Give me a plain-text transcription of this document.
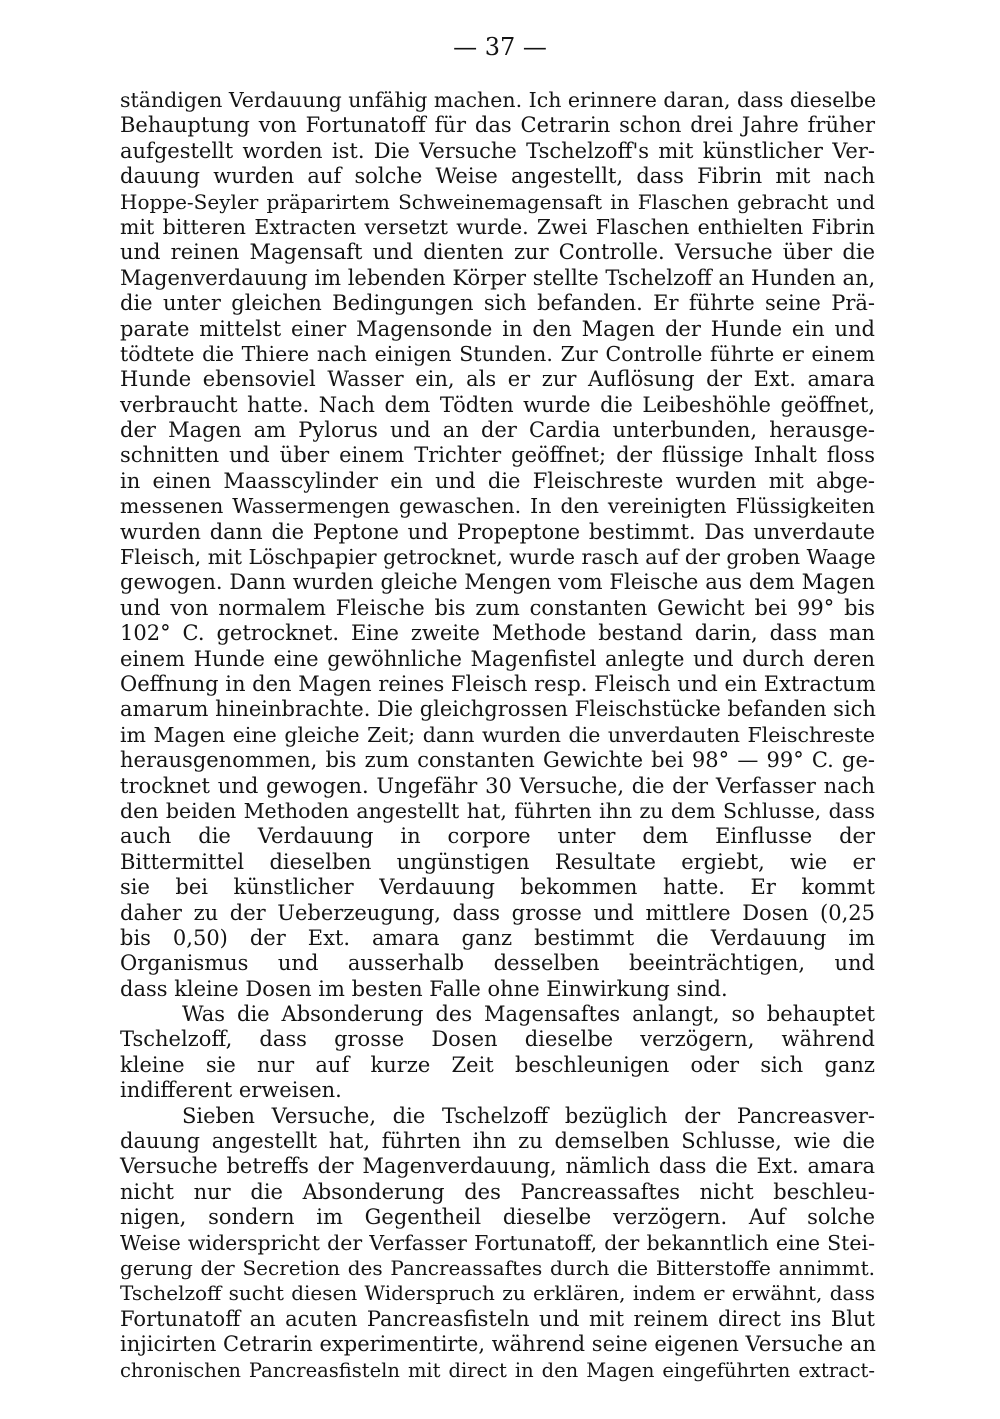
— 37 —
ständigen Verdauung unfähig machen. Ich erinnere daran, dass dieselbe
Behauptung von Fortunatoff für das Cetrarin schon drei Jahre früher
aufgestellt worden ist. Die Versuche Tschelzoff's mit künstlicher Ver-
dauung wurden auf solche Weise angestellt, dass Fibrin mit nach
Hoppe-Seyler präparirtem Schweinemagensaft in Flaschen gebracht und
mit bitteren Extracten versetzt wurde. Zwei Flaschen enthielten Fibrin
und reinen Magensaft und dienten zur Controlle. Versuche über die
Magenverdauung im lebenden Körper stellte Tschelzoff an Hunden an,
die unter gleichen Bedingungen sich befanden. Er führte seine Prä-
parate mittelst einer Magensonde in den Magen der Hunde ein und
tödtete die Thiere nach einigen Stunden. Zur Controlle führte er einem
Hunde ebensoviel Wasser ein, als er zur Auflösung der Ext. amara
verbraucht hatte. Nach dem Tödten wurde die Leibeshöhle geöffnet,
der Magen am Pylorus und an der Cardia unterbunden, herausge-
schnitten und über einem Trichter geöffnet; der flüssige Inhalt floss
in einen Maasscylinder ein und die Fleischreste wurden mit abge-
messenen Wassermengen gewaschen. In den vereinigten Flüssigkeiten
wurden dann die Peptone und Propeptone bestimmt. Das unverdaute
Fleisch, mit Löschpapier getrocknet, wurde rasch auf der groben Waage
gewogen. Dann wurden gleiche Mengen vom Fleische aus dem Magen
und von normalem Fleische bis zum constanten Gewicht bei 99° bis
102° C. getrocknet. Eine zweite Methode bestand darin, dass man
einem Hunde eine gewöhnliche Magenfistel anlegte und durch deren
Oeffnung in den Magen reines Fleisch resp. Fleisch und ein Extractum
amarum hineinbrachte. Die gleichgrossen Fleischstücke befanden sich
im Magen eine gleiche Zeit; dann wurden die unverdauten Fleischreste
herausgenommen, bis zum constanten Gewichte bei 98° — 99° C. ge-
trocknet und gewogen. Ungefähr 30 Versuche, die der Verfasser nach
den beiden Methoden angestellt hat, führten ihn zu dem Schlusse, dass
auch die Verdauung in corpore unter dem Einflusse der
Bittermittel dieselben ungünstigen Resultate ergiebt, wie er
sie bei künstlicher Verdauung bekommen hatte. Er kommt
daher zu der Ueberzeugung, dass grosse und mittlere Dosen (0,25
bis 0,50) der Ext. amara ganz bestimmt die Verdauung im
Organismus und ausserhalb desselben beeinträchtigen, und
dass kleine Dosen im besten Falle ohne Einwirkung sind.
Was die Absonderung des Magensaftes anlangt, so behauptet
Tschelzoff, dass grosse Dosen dieselbe verzögern, während
kleine sie nur auf kurze Zeit beschleunigen oder sich ganz
indifferent erweisen.
Sieben Versuche, die Tschelzoff bezüglich der Pancreasver-
dauung angestellt hat, führten ihn zu demselben Schlusse, wie die
Versuche betreffs der Magenverdauung, nämlich dass die Ext. amara
nicht nur die Absonderung des Pancreassaftes nicht beschleu-
nigen, sondern im Gegentheil dieselbe verzögern. Auf solche
Weise widerspricht der Verfasser Fortunatoff, der bekanntlich eine Stei-
gerung der Secretion des Pancreassaftes durch die Bitterstoffe annimmt.
Tschelzoff sucht diesen Widerspruch zu erklären, indem er erwähnt, dass
Fortunatoff an acuten Pancreasfisteln und mit reinem direct ins Blut
injicirten Cetrarin experimentirte, während seine eigenen Versuche an
chronischen Pancreasfisteln mit direct in den Magen eingeführten extract-
